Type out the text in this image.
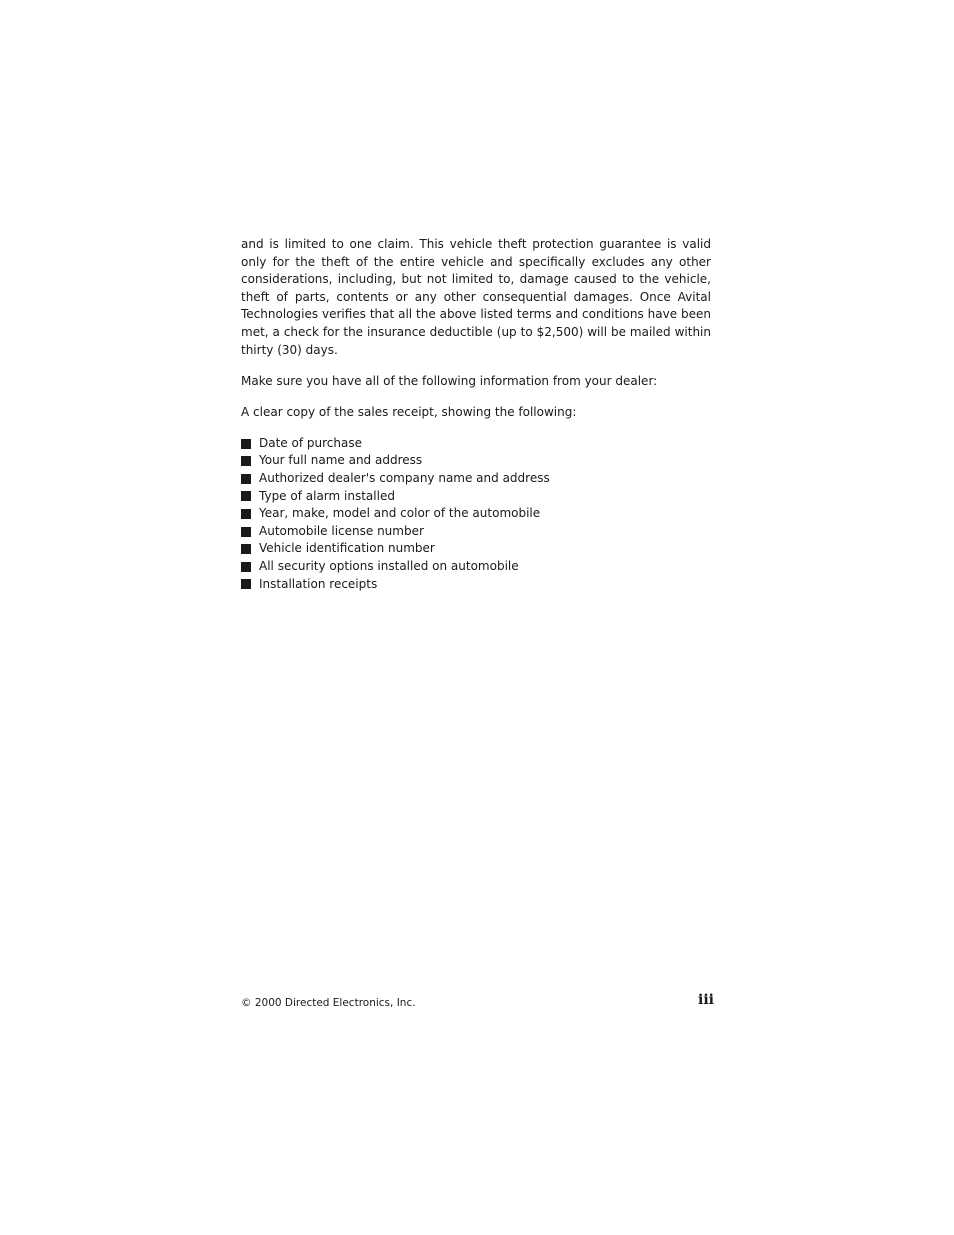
and is limited to one claim. This vehicle theft protection guarantee is valid only for the theft of the entire vehicle and specifically excludes any other considerations, including, but not limited to, damage caused to the vehicle, theft of parts, contents or any other consequential damages. Once Avital Technologies verifies that all the above listed terms and conditions have been met, a check for the insurance deductible (up to $2,500) will be mailed within thirty (30) days.

Make sure you have all of the following information from your dealer:

A clear copy of the sales receipt, showing the following:

Date of purchase
Your full name and address
Authorized dealer's company name and address
Type of alarm installed
Year, make, model and color of the automobile
Automobile license number
Vehicle identification number
All security options installed on automobile
Installation receipts
© 2000 Directed Electronics, Inc.	iii
